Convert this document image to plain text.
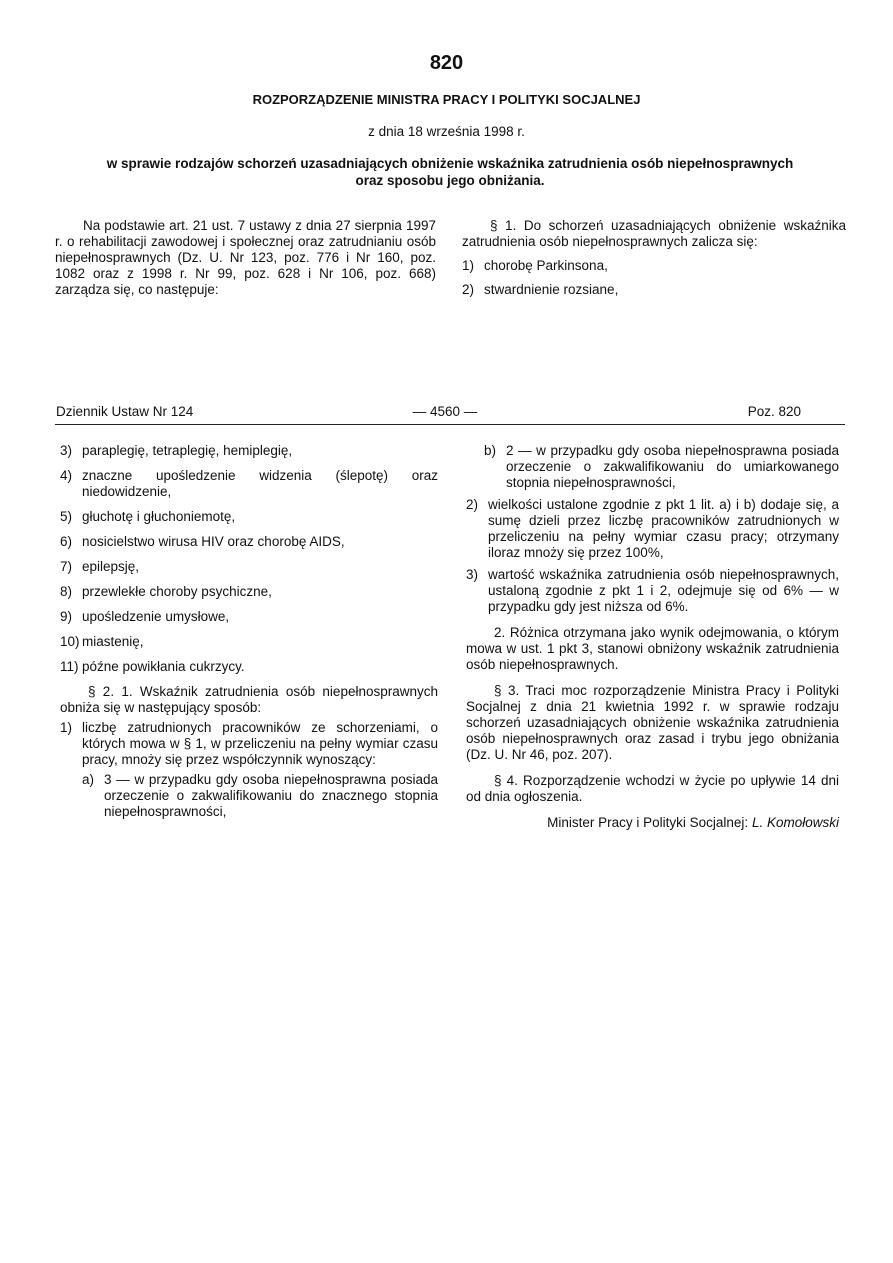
820
ROZPORZĄDZENIE MINISTRA PRACY I POLITYKI SOCJALNEJ
z dnia 18 września 1998 r.
w sprawie rodzajów schorzeń uzasadniających obniżenie wskaźnika zatrudnienia osób niepełnosprawnych
oraz sposobu jego obniżania.

Na podstawie art. 21 ust. 7 ustawy z dnia 27 sierpnia 1997 r. o rehabilitacji zawodowej i społecznej oraz zatrudnianiu osób niepełnosprawnych (Dz. U. Nr 123, poz. 776 i Nr 160, poz. 1082 oraz z 1998 r. Nr 99, poz. 628 i Nr 106, poz. 668) zarządza się, co następuje:

§ 1. Do schorzeń uzasadniających obniżenie wskaźnika zatrudnienia osób niepełnosprawnych zalicza się:

1) chorobę Parkinsona,

2) stwardnienie rozsiane,

Dziennik Ustaw Nr 124	— 4560 —	Poz. 820

3) paraplegię, tetraplegię, hemiplegię,

4) znaczne upośledzenie widzenia (ślepotę) oraz niedowidzenie,

5) głuchotę i głuchoniemotę,

6) nosicielstwo wirusa HIV oraz chorobę AIDS,

7) epilepsję,

8) przewlekłe choroby psychiczne,

9) upośledzenie umysłowe,

10) miastenię,

11) późne powikłania cukrzycy.

§ 2. 1. Wskaźnik zatrudnienia osób niepełnosprawnych obniża się w następujący sposób:

1) liczbę zatrudnionych pracowników ze schorzeniami, o których mowa w § 1, w przeliczeniu na pełny wymiar czasu pracy, mnoży się przez współczynnik wynoszący:

a) 3 — w przypadku gdy osoba niepełnosprawna posiada orzeczenie o zakwalifikowaniu do znacznego stopnia niepełnosprawności,

b) 2 — w przypadku gdy osoba niepełnosprawna posiada orzeczenie o zakwalifikowaniu do umiarkowanego stopnia niepełnosprawności,

2) wielkości ustalone zgodnie z pkt 1 lit. a) i b) dodaje się, a sumę dzieli przez liczbę pracowników zatrudnionych w przeliczeniu na pełny wymiar czasu pracy; otrzymany iloraz mnoży się przez 100%,

3) wartość wskaźnika zatrudnienia osób niepełnosprawnych, ustaloną zgodnie z pkt 1 i 2, odejmuje się od 6% — w przypadku gdy jest niższa od 6%.

2. Różnica otrzymana jako wynik odejmowania, o którym mowa w ust. 1 pkt 3, stanowi obniżony wskaźnik zatrudnienia osób niepełnosprawnych.

§ 3. Traci moc rozporządzenie Ministra Pracy i Polityki Socjalnej z dnia 21 kwietnia 1992 r. w sprawie rodzaju schorzeń uzasadniających obniżenie wskaźnika zatrudnienia osób niepełnosprawnych oraz zasad i trybu jego obniżania (Dz. U. Nr 46, poz. 207).

§ 4. Rozporządzenie wchodzi w życie po upływie 14 dni od dnia ogłoszenia.

Minister Pracy i Polityki Socjalnej: L. Komołowski
